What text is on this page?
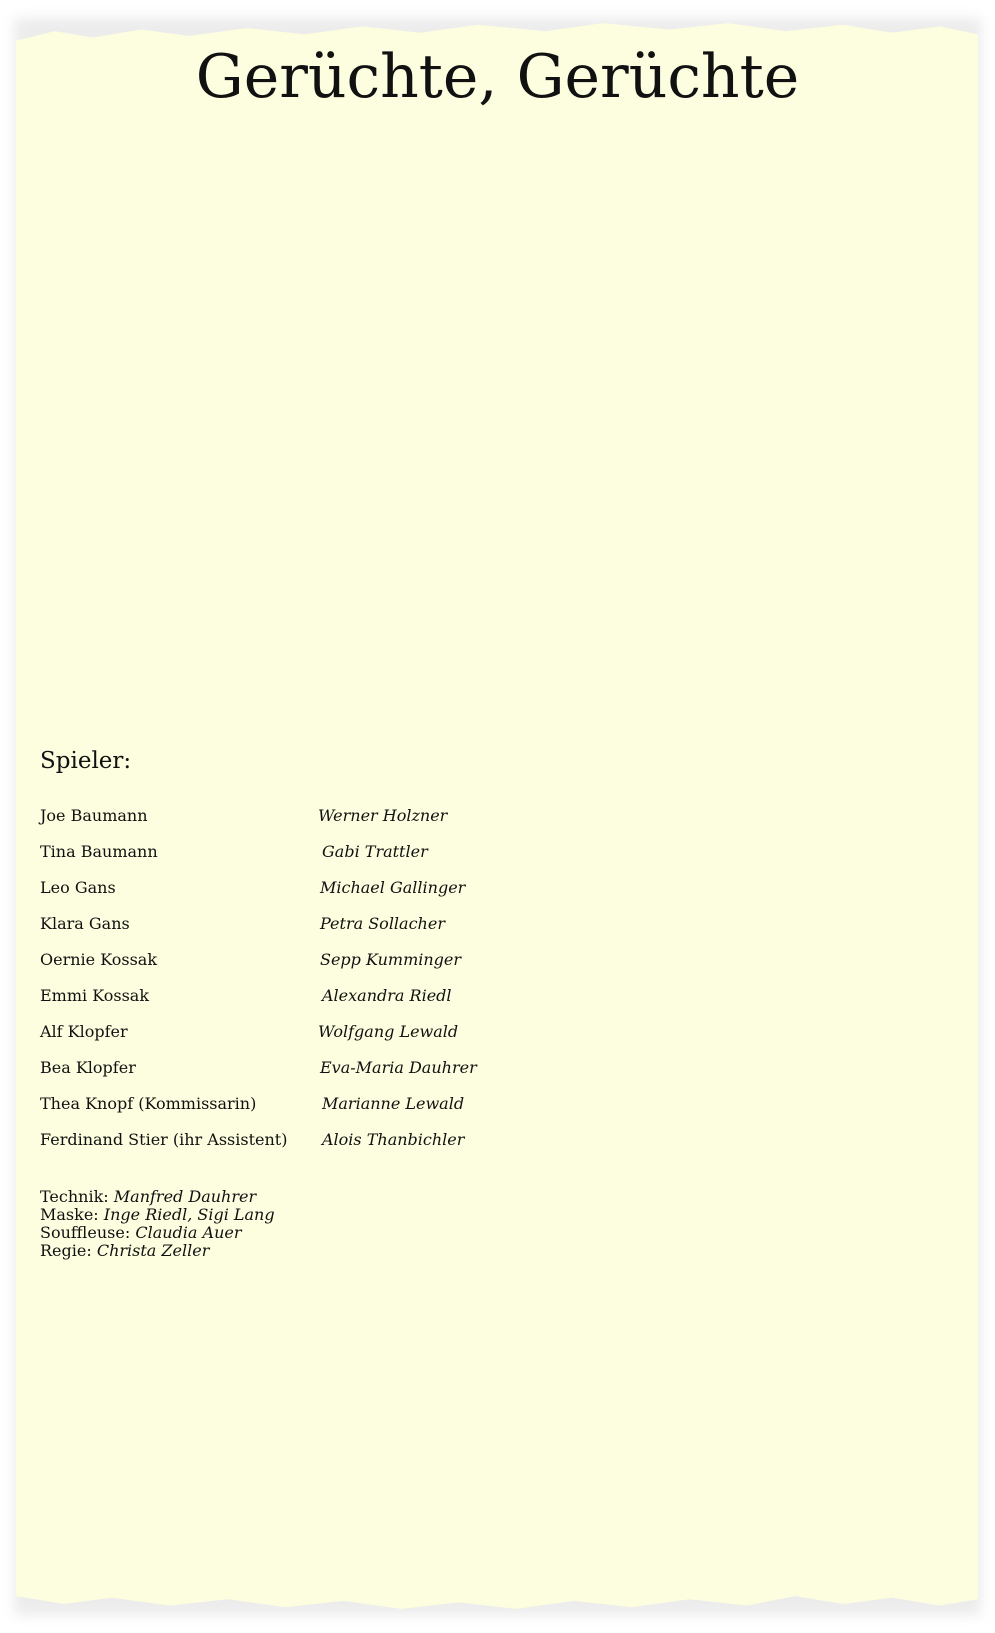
Gerüchte, Gerüchte
Spieler:
Joe Baumann	Werner Holzner
Tina Baumann	Gabi Trattler
Leo Gans	Michael Gallinger
Klara Gans	Petra Sollacher
Oernie Kossak	Sepp Kumminger
Emmi Kossak	Alexandra Riedl
Alf Klopfer	Wolfgang Lewald
Bea Klopfer	Eva-Maria Dauhrer
Thea Knopf (Kommissarin)	Marianne Lewald
Ferdinand Stier (ihr Assistent) Alois Thanbichler
Technik: Manfred Dauhrer
Maske: Inge Riedl, Sigi Lang
Souffleuse: Claudia Auer
Regie: Christa Zeller
